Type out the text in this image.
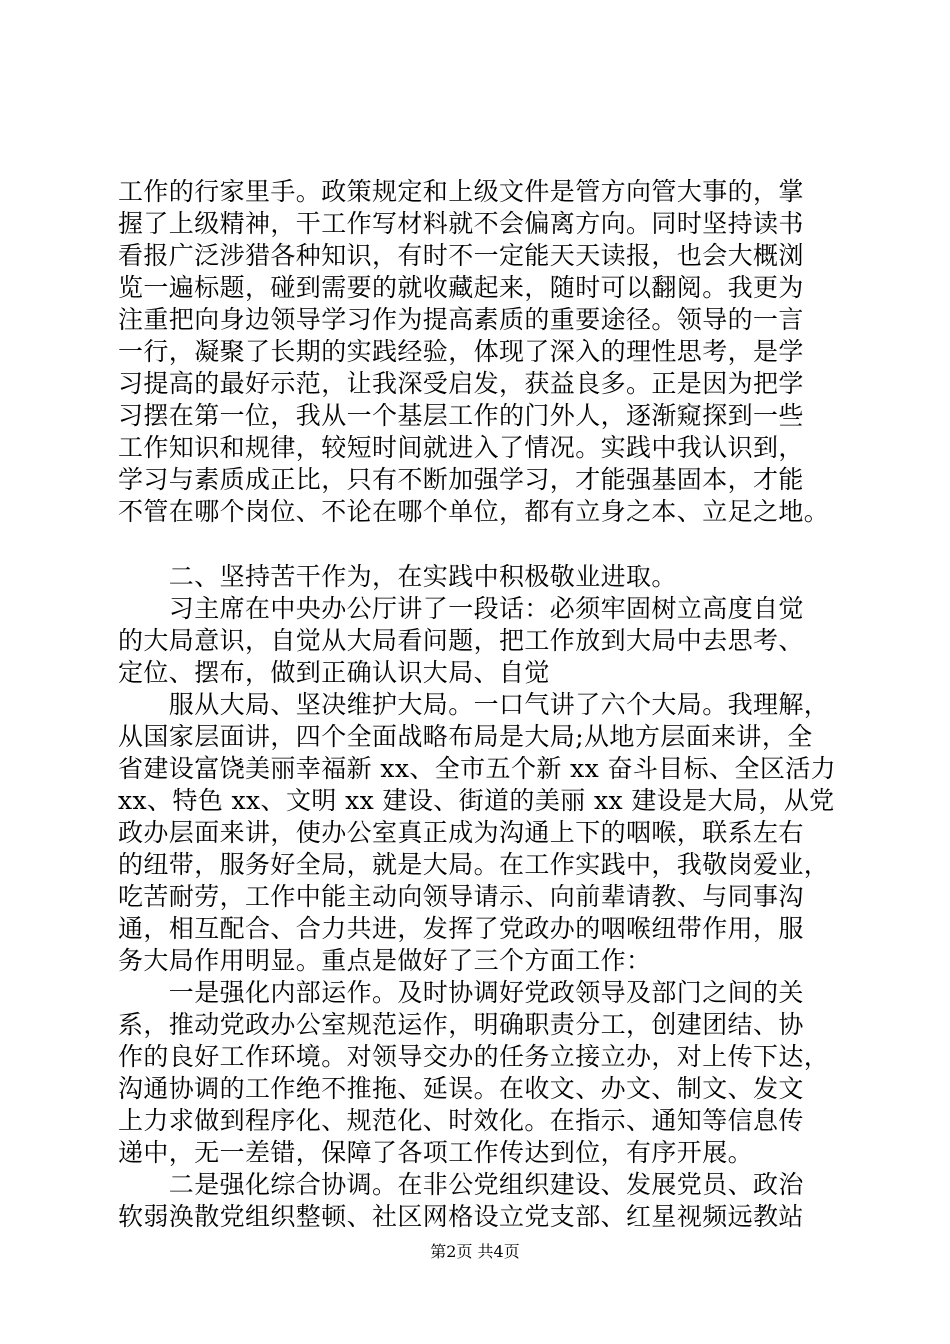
工作的行家里手。政策规定和上级文件是管方向管大事的，掌
握了上级精神，干工作写材料就不会偏离方向。同时坚持读书
看报广泛涉猎各种知识，有时不一定能天天读报，也会大概浏
览一遍标题，碰到需要的就收藏起来，随时可以翻阅。我更为
注重把向身边领导学习作为提高素质的重要途径。领导的一言
一行，凝聚了长期的实践经验，体现了深入的理性思考，是学
习提高的最好示范，让我深受启发，获益良多。正是因为把学
习摆在第一位，我从一个基层工作的门外人，逐渐窥探到一些
工作知识和规律，较短时间就进入了情况。实践中我认识到，
学习与素质成正比，只有不断加强学习，才能强基固本，才能
不管在哪个岗位、不论在哪个单位，都有立身之本、立足之地。
　　二、坚持苦干作为，在实践中积极敬业进取。
　　习主席在中央办公厅讲了一段话：必须牢固树立高度自觉
的大局意识，自觉从大局看问题，把工作放到大局中去思考、
定位、摆布，做到正确认识大局、自觉
　　服从大局、坚决维护大局。一口气讲了六个大局。我理解，
从国家层面讲，四个全面战略布局是大局;从地方层面来讲，全
省建设富饶美丽幸福新 xx、全市五个新 xx 奋斗目标、全区活力
xx、特色 xx、文明 xx 建设、街道的美丽 xx 建设是大局，从党
政办层面来讲，使办公室真正成为沟通上下的咽喉，联系左右
的纽带，服务好全局，就是大局。在工作实践中，我敬岗爱业，
吃苦耐劳，工作中能主动向领导请示、向前辈请教、与同事沟
通，相互配合、合力共进，发挥了党政办的咽喉纽带作用，服
务大局作用明显。重点是做好了三个方面工作：
　　一是强化内部运作。及时协调好党政领导及部门之间的关
系，推动党政办公室规范运作，明确职责分工，创建团结、协
作的良好工作环境。对领导交办的任务立接立办，对上传下达，
沟通协调的工作绝不推拖、延误。在收文、办文、制文、发文
上力求做到程序化、规范化、时效化。在指示、通知等信息传
递中，无一差错，保障了各项工作传达到位，有序开展。
　　二是强化综合协调。在非公党组织建设、发展党员、政治
软弱涣散党组织整顿、社区网格设立党支部、红星视频远教站
第2页 共4页
